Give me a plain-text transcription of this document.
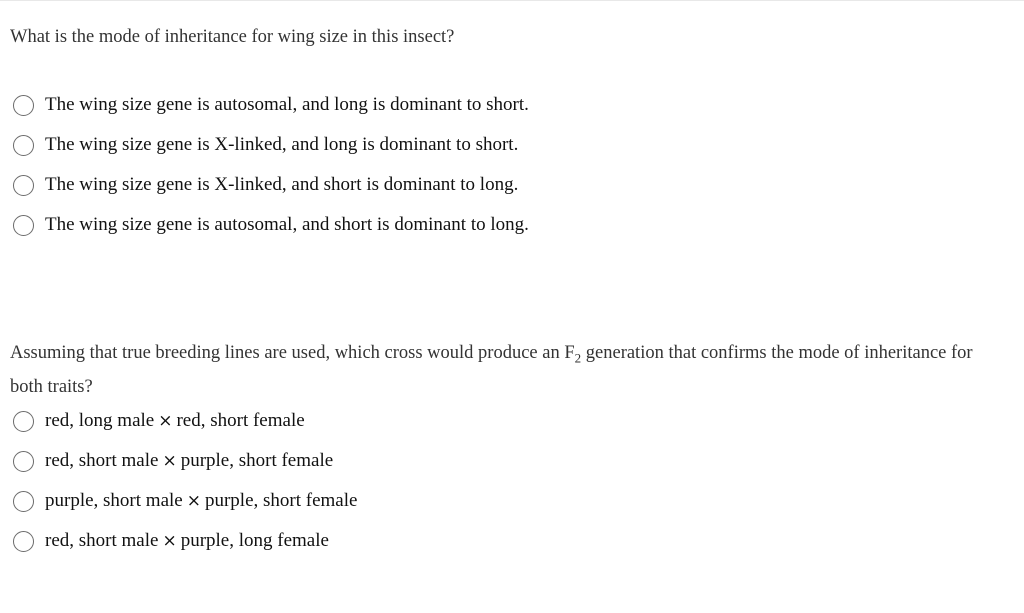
What is the mode of inheritance for wing size in this insect?

The wing size gene is autosomal, and long is dominant to short.
The wing size gene is X-linked, and long is dominant to short.
The wing size gene is X-linked, and short is dominant to long.
The wing size gene is autosomal, and short is dominant to long.

Assuming that true breeding lines are used, which cross would produce an $F_2$ generation that confirms the mode of inheritance for both traits?

red, long male × red, short female
red, short male × purple, short female
purple, short male × purple, short female
red, short male × purple, long female
